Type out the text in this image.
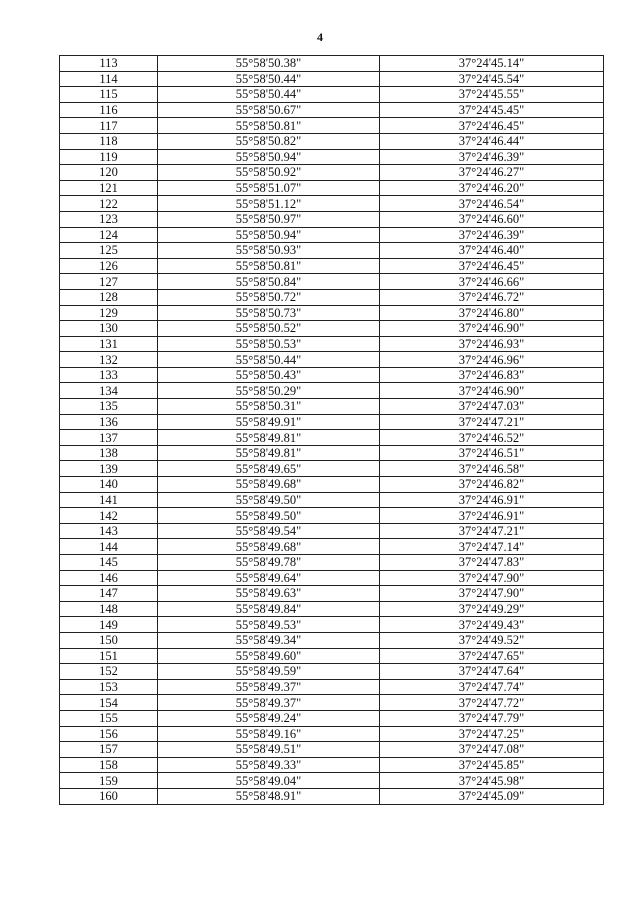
4
113	55°58'50.38"	37°24'45.14"
114	55°58'50.44"	37°24'45.54"
115	55°58'50.44"	37°24'45.55"
116	55°58'50.67"	37°24'45.45"
117	55°58'50.81"	37°24'46.45"
118	55°58'50.82"	37°24'46.44"
119	55°58'50.94"	37°24'46.39"
120	55°58'50.92"	37°24'46.27"
121	55°58'51.07"	37°24'46.20"
122	55°58'51.12"	37°24'46.54"
123	55°58'50.97"	37°24'46.60"
124	55°58'50.94"	37°24'46.39"
125	55°58'50.93"	37°24'46.40"
126	55°58'50.81"	37°24'46.45"
127	55°58'50.84"	37°24'46.66"
128	55°58'50.72"	37°24'46.72"
129	55°58'50.73"	37°24'46.80"
130	55°58'50.52"	37°24'46.90"
131	55°58'50.53"	37°24'46.93"
132	55°58'50.44"	37°24'46.96"
133	55°58'50.43"	37°24'46.83"
134	55°58'50.29"	37°24'46.90"
135	55°58'50.31"	37°24'47.03"
136	55°58'49.91"	37°24'47.21"
137	55°58'49.81"	37°24'46.52"
138	55°58'49.81"	37°24'46.51"
139	55°58'49.65"	37°24'46.58"
140	55°58'49.68"	37°24'46.82"
141	55°58'49.50"	37°24'46.91"
142	55°58'49.50"	37°24'46.91"
143	55°58'49.54"	37°24'47.21"
144	55°58'49.68"	37°24'47.14"
145	55°58'49.78"	37°24'47.83"
146	55°58'49.64"	37°24'47.90"
147	55°58'49.63"	37°24'47.90"
148	55°58'49.84"	37°24'49.29"
149	55°58'49.53"	37°24'49.43"
150	55°58'49.34"	37°24'49.52"
151	55°58'49.60"	37°24'47.65"
152	55°58'49.59"	37°24'47.64"
153	55°58'49.37"	37°24'47.74"
154	55°58'49.37"	37°24'47.72"
155	55°58'49.24"	37°24'47.79"
156	55°58'49.16"	37°24'47.25"
157	55°58'49.51"	37°24'47.08"
158	55°58'49.33"	37°24'45.85"
159	55°58'49.04"	37°24'45.98"
160	55°58'48.91"	37°24'45.09"
